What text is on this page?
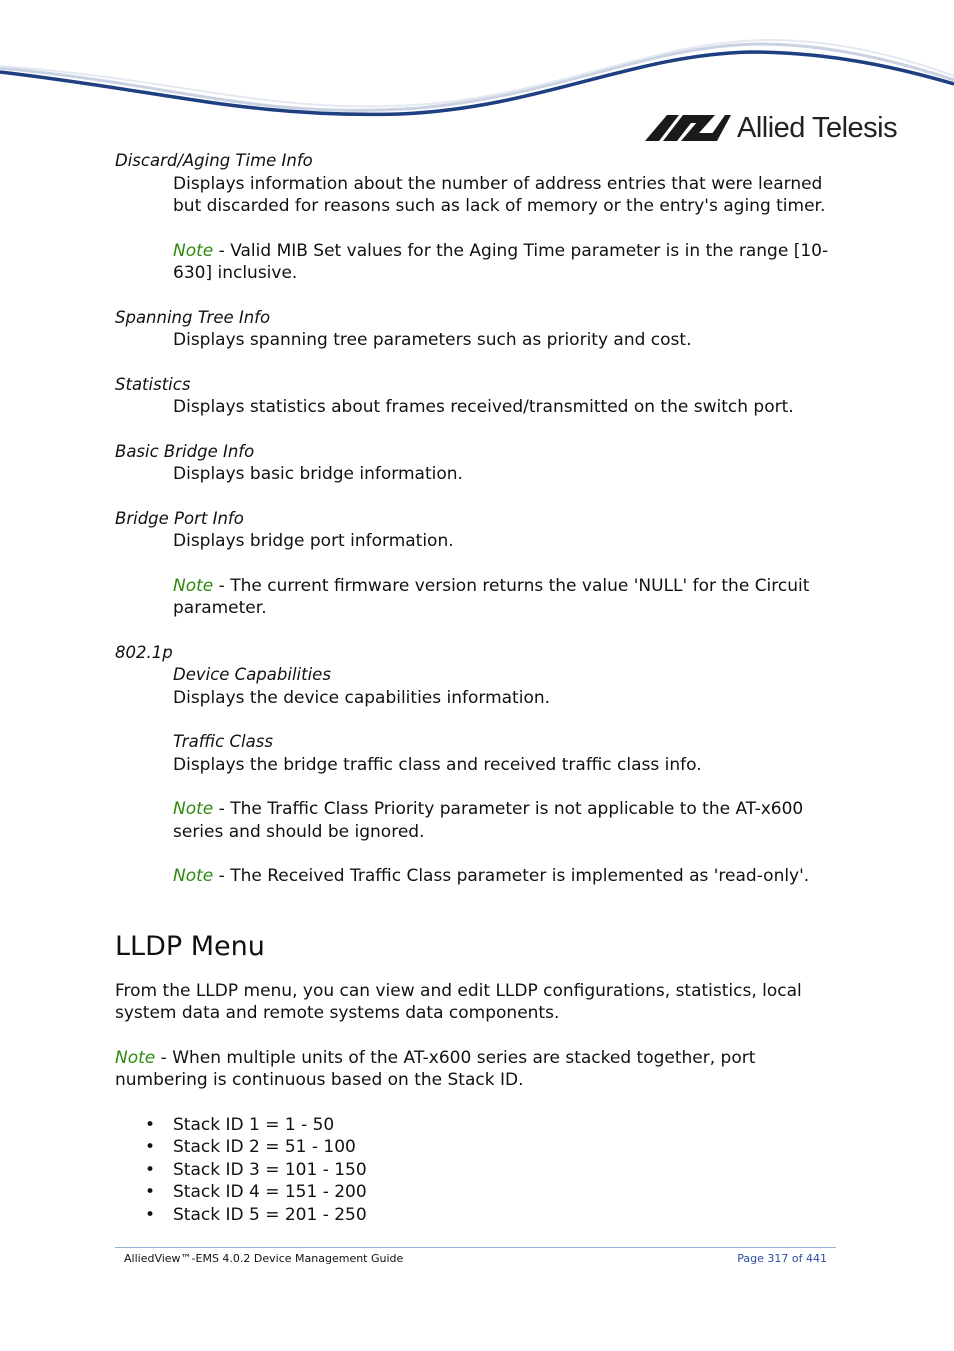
Allied Telesis
Discard/Aging Time Info
Displays information about the number of address entries that were learned but discarded for reasons such as lack of memory or the entry's aging timer.
Note - Valid MIB Set values for the Aging Time parameter is in the range [10-630] inclusive.
Spanning Tree Info
Displays spanning tree parameters such as priority and cost.
Statistics
Displays statistics about frames received/transmitted on the switch port.
Basic Bridge Info
Displays basic bridge information.
Bridge Port Info
Displays bridge port information.
Note - The current firmware version returns the value 'NULL' for the Circuit parameter.
802.1p
Device Capabilities
Displays the device capabilities information.
Traffic Class
Displays the bridge traffic class and received traffic class info.
Note - The Traffic Class Priority parameter is not applicable to the AT-x600 series and should be ignored.
Note - The Received Traffic Class parameter is implemented as 'read-only'.
LLDP Menu
From the LLDP menu, you can view and edit LLDP configurations, statistics, local system data and remote systems data components.
Note - When multiple units of the AT-x600 series are stacked together, port numbering is continuous based on the Stack ID.
• Stack ID 1 = 1 - 50
• Stack ID 2 = 51 - 100
• Stack ID 3 = 101 - 150
• Stack ID 4 = 151 - 200
• Stack ID 5 = 201 - 250
AlliedView™-EMS 4.0.2 Device Management Guide	Page 317 of 441
